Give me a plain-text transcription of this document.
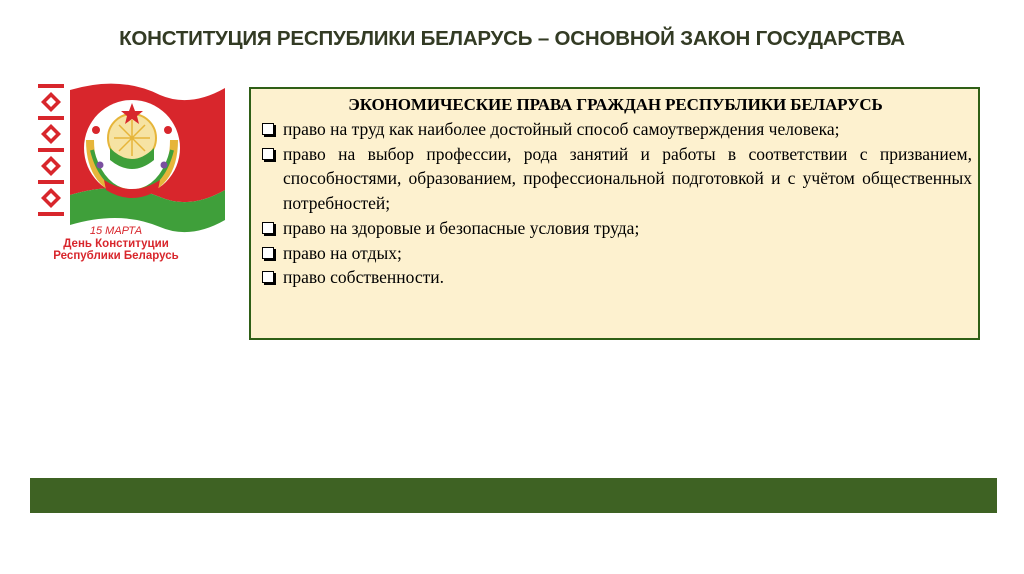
КОНСТИТУЦИЯ РЕСПУБЛИКИ БЕЛАРУСЬ – ОСНОВНОЙ ЗАКОН ГОСУДАРСТВА
15 МАРТА
День Конституции
Республики Беларусь
ЭКОНОМИЧЕСКИЕ ПРАВА ГРАЖДАН РЕСПУБЛИКИ БЕЛАРУСЬ
право на труд как наиболее достойный способ самоутверждения человека;
право на выбор профессии, рода занятий и работы в соответствии с призванием, способностями, образованием, профессиональной подготовкой и с учётом общественных потребностей;
право на здоровые и безопасные условия труда;
право на отдых;
право собственности.
